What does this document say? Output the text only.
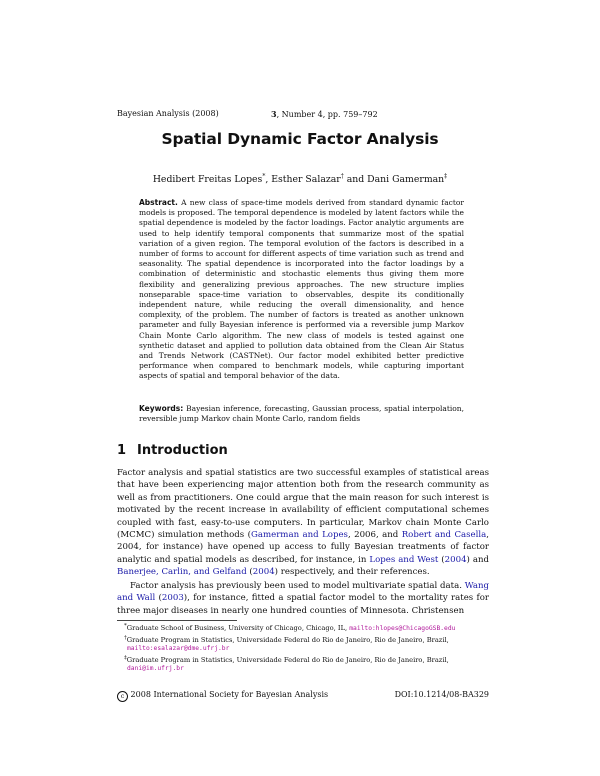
Bayesian Analysis (2008)	3, Number 4, pp. 759–792
Spatial Dynamic Factor Analysis
Hedibert Freitas Lopes*, Esther Salazar† and Dani Gamerman‡
Abstract. A new class of space-time models derived from standard dynamic factor models is proposed. The temporal dependence is modeled by latent factors while the spatial dependence is modeled by the factor loadings. Factor analytic arguments are used to help identify temporal components that summarize most of the spatial variation of a given region. The temporal evolution of the factors is described in a number of forms to account for different aspects of time variation such as trend and seasonality. The spatial dependence is incorporated into the factor loadings by a combination of deterministic and stochastic elements thus giving them more flexibility and generalizing previous approaches. The new structure implies nonseparable space-time variation to observables, despite its conditionally independent nature, while reducing the overall dimensionality, and hence complexity, of the problem. The number of factors is treated as another unknown parameter and fully Bayesian inference is performed via a reversible jump Markov Chain Monte Carlo algorithm. The new class of models is tested against one synthetic dataset and applied to pollution data obtained from the Clean Air Status and Trends Network (CASTNet). Our factor model exhibited better predictive performance when compared to benchmark models, while capturing important aspects of spatial and temporal behavior of the data.
Keywords: Bayesian inference, forecasting, Gaussian process, spatial interpolation, reversible jump Markov chain Monte Carlo, random fields
1 Introduction
Factor analysis and spatial statistics are two successful examples of statistical areas that have been experiencing major attention both from the research community as well as from practitioners. One could argue that the main reason for such interest is motivated by the recent increase in availability of efficient computational schemes coupled with fast, easy-to-use computers. In particular, Markov chain Monte Carlo (MCMC) simulation methods (Gamerman and Lopes, 2006, and Robert and Casella, 2004, for instance) have opened up access to fully Bayesian treatments of factor analytic and spatial models as described, for instance, in Lopes and West (2004) and Banerjee, Carlin, and Gelfand (2004) respectively, and their references.
Factor analysis has previously been used to model multivariate spatial data. Wang and Wall (2003), for instance, fitted a spatial factor model to the mortality rates for three major diseases in nearly one hundred counties of Minnesota. Christensen
*Graduate School of Business, University of Chicago, Chicago, IL, mailto:hlopes@ChicagoGSB.edu
†Graduate Program in Statistics, Universidade Federal do Rio de Janeiro, Rio de Janeiro, Brazil, mailto:esalazar@dme.ufrj.br
‡Graduate Program in Statistics, Universidade Federal do Rio de Janeiro, Rio de Janeiro, Brazil, dani@im.ufrj.br
c 2008 International Society for Bayesian Analysis	DOI:10.1214/08-BA329
